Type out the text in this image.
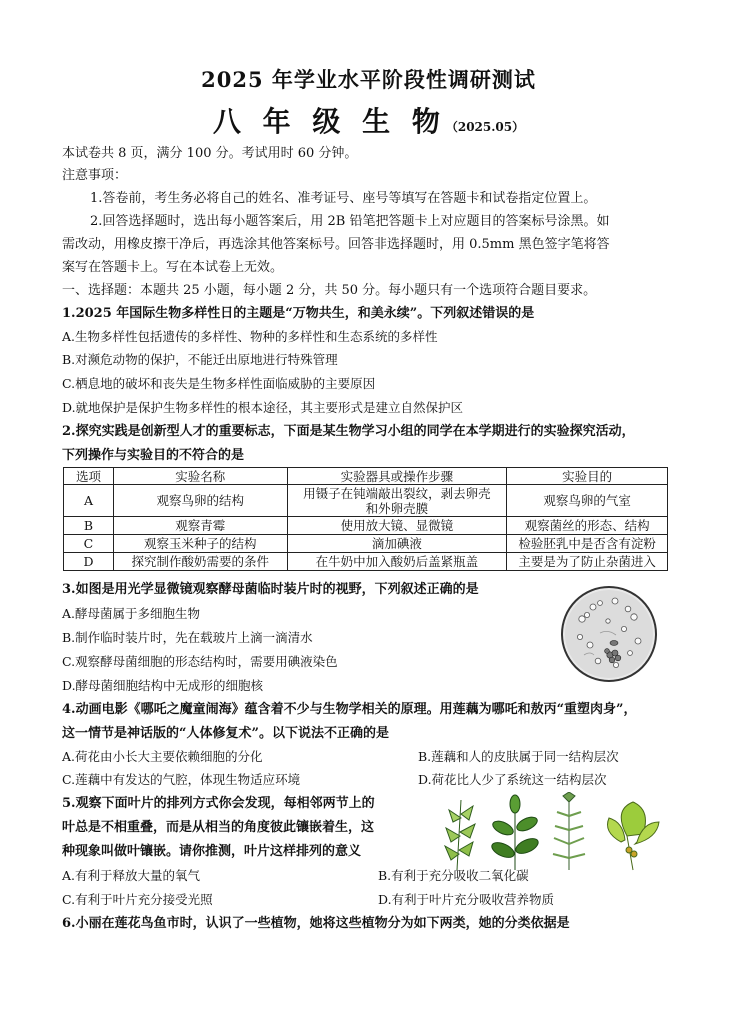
2025 年学业水平阶段性调研测试
八 年 级 生 物（2025.05）
本试卷共 8 页，满分 100 分。考试用时 60 分钟。
注意事项：
1.答卷前，考生务必将自己的姓名、准考证号、座号等填写在答题卡和试卷指定位置上。
2.回答选择题时，选出每小题答案后，用 2B 铅笔把答题卡上对应题目的答案标号涂黑。如
需改动，用橡皮擦干净后，再选涂其他答案标号。回答非选择题时，用 0.5mm 黑色签字笔将答
案写在答题卡上。写在本试卷上无效。
一、选择题：本题共 25 小题，每小题 2 分，共 50 分。每小题只有一个选项符合题目要求。
1.2025 年国际生物多样性日的主题是“万物共生，和美永续”。下列叙述错误的是
A.生物多样性包括遗传的多样性、物种的多样性和生态系统的多样性
B.对濒危动物的保护，不能迁出原地进行特殊管理
C.栖息地的破坏和丧失是生物多样性面临威胁的主要原因
D.就地保护是保护生物多样性的根本途径，其主要形式是建立自然保护区
2.探究实践是创新型人才的重要标志，下面是某生物学习小组的同学在本学期进行的实验探究活动，
下列操作与实验目的不符合的是
选项	实验名称	实验器具或操作步骤	实验目的
A	观察鸟卵的结构	用镊子在钝端敲出裂纹，剥去卵壳
和外卵壳膜	观察鸟卵的气室
B	观察青霉	使用放大镜、显微镜	观察菌丝的形态、结构
C	观察玉米种子的结构	滴加碘液	检验胚乳中是否含有淀粉
D	探究制作酸奶需要的条件	在牛奶中加入酸奶后盖紧瓶盖	主要是为了防止杂菌进入
3.如图是用光学显微镜观察酵母菌临时装片时的视野，下列叙述正确的是
A.酵母菌属于多细胞生物
B.制作临时装片时，先在载玻片上滴一滴清水
C.观察酵母菌细胞的形态结构时，需要用碘液染色
D.酵母菌细胞结构中无成形的细胞核
4.动画电影《哪吒之魔童闹海》蕴含着不少与生物学相关的原理。用莲藕为哪吒和敖丙“重塑肉身”，
这一情节是神话版的“人体修复术”。以下说法不正确的是
A.荷花由小长大主要依赖细胞的分化	B.莲藕和人的皮肤属于同一结构层次
C.莲藕中有发达的气腔，体现生物适应环境	D.荷花比人少了系统这一结构层次
5.观察下面叶片的排列方式你会发现，每相邻两节上的
叶总是不相重叠，而是从相当的角度彼此镶嵌着生，这
种现象叫做叶镶嵌。请你推测，叶片这样排列的意义
A.有利于释放大量的氧气	B.有利于充分吸收二氧化碳
C.有利于叶片充分接受光照	D.有利于叶片充分吸收营养物质
6.小丽在莲花鸟鱼市时，认识了一些植物，她将这些植物分为如下两类，她的分类依据是
